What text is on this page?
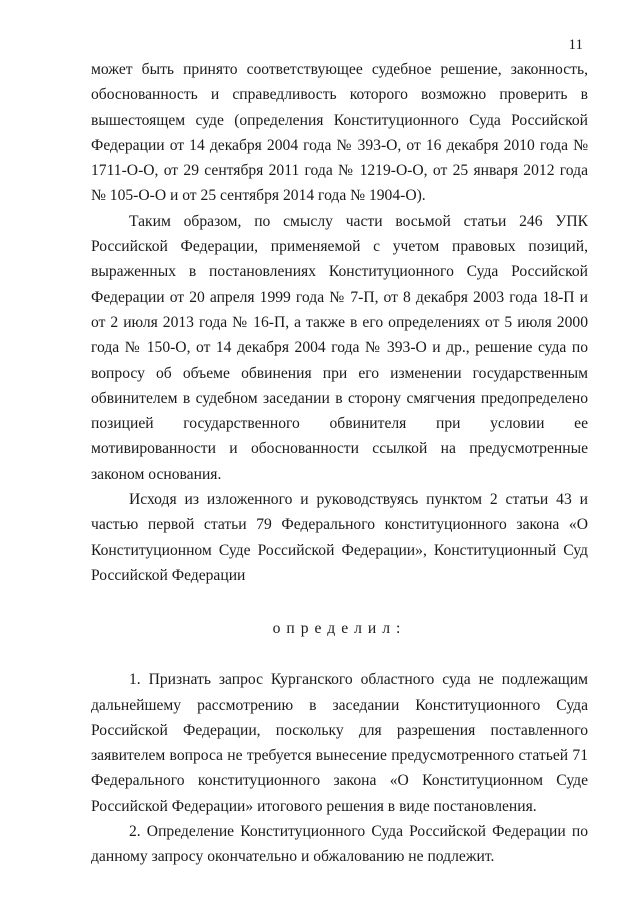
11

может быть принято соответствующее судебное решение, законность, обоснованность и справедливость которого возможно проверить в вышестоящем суде (определения Конституционного Суда Российской Федерации от 14 декабря 2004 года № 393-О, от 16 декабря 2010 года № 1711-О-О, от 29 сентября 2011 года № 1219-О-О, от 25 января 2012 года № 105-О-О и от 25 сентября 2014 года № 1904-О).

Таким образом, по смыслу части восьмой статьи 246 УПК Российской Федерации, применяемой с учетом правовых позиций, выраженных в постановлениях Конституционного Суда Российской Федерации от 20 апреля 1999 года № 7-П, от 8 декабря 2003 года 18-П и от 2 июля 2013 года № 16-П, а также в его определениях от 5 июля 2000 года № 150-О, от 14 декабря 2004 года № 393-О и др., решение суда по вопросу об объеме обвинения при его изменении государственным обвинителем в судебном заседании в сторону смягчения предопределено позицией государственного обвинителя при условии ее мотивированности и обоснованности ссылкой на предусмотренные законом основания.

Исходя из изложенного и руководствуясь пунктом 2 статьи 43 и частью первой статьи 79 Федерального конституционного закона «О Конституционном Суде Российской Федерации», Конституционный Суд Российской Федерации

определил:

1. Признать запрос Курганского областного суда не подлежащим дальнейшему рассмотрению в заседании Конституционного Суда Российской Федерации, поскольку для разрешения поставленного заявителем вопроса не требуется вынесение предусмотренного статьей 71 Федерального конституционного закона «О Конституционном Суде Российской Федерации» итогового решения в виде постановления.

2. Определение Конституционного Суда Российской Федерации по данному запросу окончательно и обжалованию не подлежит.
